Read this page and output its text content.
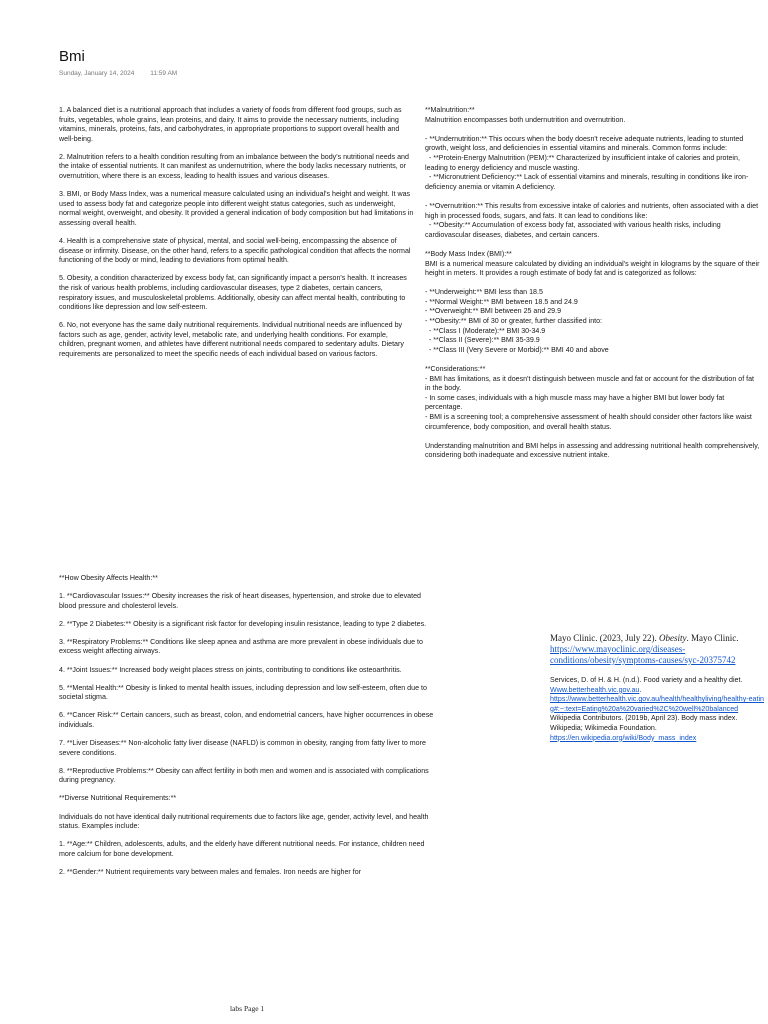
Bmi
Sunday, January 14, 2024 11:59 AM

1. A balanced diet is a nutritional approach that includes a variety of foods from different food groups, such as fruits, vegetables, whole grains, lean proteins, and dairy. It aims to provide the necessary nutrients, including vitamins, minerals, proteins, fats, and carbohydrates, in appropriate proportions to support overall health and well-being.

2. Malnutrition refers to a health condition resulting from an imbalance between the body's nutritional needs and the intake of essential nutrients. It can manifest as undernutrition, where the body lacks necessary nutrients, or overnutrition, where there is an excess, leading to health issues and various diseases.

3. BMI, or Body Mass Index, was a numerical measure calculated using an individual's height and weight. It was used to assess body fat and categorize people into different weight status categories, such as underweight, normal weight, overweight, and obesity. It provided a general indication of body composition but had limitations in assessing overall health.

4. Health is a comprehensive state of physical, mental, and social well-being, encompassing the absence of disease or infirmity. Disease, on the other hand, refers to a specific pathological condition that affects the normal functioning of the body or mind, leading to deviations from optimal health.

5. Obesity, a condition characterized by excess body fat, can significantly impact a person's health. It increases the risk of various health problems, including cardiovascular diseases, type 2 diabetes, certain cancers, respiratory issues, and musculoskeletal problems. Additionally, obesity can affect mental health, contributing to conditions like depression and low self-esteem.

6. No, not everyone has the same daily nutritional requirements. Individual nutritional needs are influenced by factors such as age, gender, activity level, metabolic rate, and underlying health conditions. For example, children, pregnant women, and athletes have different nutritional needs compared to sedentary adults. Dietary requirements are personalized to meet the specific needs of each individual based on various factors.

**Malnutrition:**
Malnutrition encompasses both undernutrition and overnutrition.
- **Undernutrition:** This occurs when the body doesn't receive adequate nutrients, leading to stunted growth, weight loss, and deficiencies in essential vitamins and minerals. Common forms include:
- **Protein-Energy Malnutrition (PEM):** Characterized by insufficient intake of calories and protein, leading to energy deficiency and muscle wasting.
- **Micronutrient Deficiency:** Lack of essential vitamins and minerals, resulting in conditions like iron-deficiency anemia or vitamin A deficiency.
- **Overnutrition:** This results from excessive intake of calories and nutrients, often associated with a diet high in processed foods, sugars, and fats. It can lead to conditions like:
- **Obesity:** Accumulation of excess body fat, associated with various health risks, including cardiovascular diseases, diabetes, and certain cancers.
**Body Mass Index (BMI):**
BMI is a numerical measure calculated by dividing an individual's weight in kilograms by the square of their height in meters. It provides a rough estimate of body fat and is categorized as follows:
- **Underweight:** BMI less than 18.5
- **Normal Weight:** BMI between 18.5 and 24.9
- **Overweight:** BMI between 25 and 29.9
- **Obesity:** BMI of 30 or greater, further classified into:
- **Class I (Moderate):** BMI 30-34.9
- **Class II (Severe):** BMI 35-39.9
- **Class III (Very Severe or Morbid):** BMI 40 and above
**Considerations:**
- BMI has limitations, as it doesn't distinguish between muscle and fat or account for the distribution of fat in the body.
- In some cases, individuals with a high muscle mass may have a higher BMI but lower body fat percentage.
- BMI is a screening tool; a comprehensive assessment of health should consider other factors like waist circumference, body composition, and overall health status.
Understanding malnutrition and BMI helps in assessing and addressing nutritional health comprehensively, considering both inadequate and excessive nutrient intake.

**How Obesity Affects Health:**

1. **Cardiovascular Issues:** Obesity increases the risk of heart diseases, hypertension, and stroke due to elevated blood pressure and cholesterol levels.

2. **Type 2 Diabetes:** Obesity is a significant risk factor for developing insulin resistance, leading to type 2 diabetes.

3. **Respiratory Problems:** Conditions like sleep apnea and asthma are more prevalent in obese individuals due to excess weight affecting airways.

4. **Joint Issues:** Increased body weight places stress on joints, contributing to conditions like osteoarthritis.

5. **Mental Health:** Obesity is linked to mental health issues, including depression and low self-esteem, often due to societal stigma.

6. **Cancer Risk:** Certain cancers, such as breast, colon, and endometrial cancers, have higher occurrences in obese individuals.

7. **Liver Diseases:** Non-alcoholic fatty liver disease (NAFLD) is common in obesity, ranging from fatty liver to more severe conditions.

8. **Reproductive Problems:** Obesity can affect fertility in both men and women and is associated with complications during pregnancy.

**Diverse Nutritional Requirements:**

Individuals do not have identical daily nutritional requirements due to factors like age, gender, activity level, and health status. Examples include:

1. **Age:** Children, adolescents, adults, and the elderly have different nutritional needs. For instance, children need more calcium for bone development.

2. **Gender:** Nutrient requirements vary between males and females. Iron needs are higher for

Mayo Clinic. (2023, July 22). Obesity. Mayo Clinic.
https://www.mayoclinic.org/diseases-conditions/obesity/symptoms-causes/syc-20375742
Services, D. of H. & H. (n.d.). Food variety and a healthy diet. Www.betterhealth.vic.gov.au.
https://www.betterhealth.vic.gov.au/health/healthyliving/healthy-eating#:~:text=Eating%20a%20varied%2C%20well%20balanced
Wikipedia Contributors. (2019b, April 23). Body mass index. Wikipedia; Wikimedia Foundation.
https://en.wikipedia.org/wiki/Body_mass_index
labs Page 1
